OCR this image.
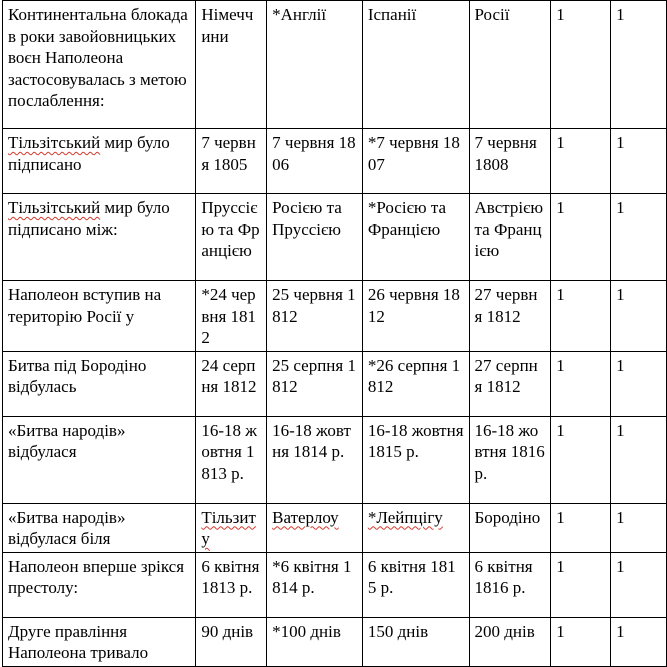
Континентальна блокада в роки завойовницьких воєн Наполеона застосовувалась з метою послаблення:	Німеччини	*Англії	Іспанії	Росії	1	1
Тільзітський мир було підписано	7 червня 1805	7 червня 1806	*7 червня 1807	7 червня 1808	1	1
Тільзітський мир було підписано між:	Пруссією та Францією	Росією та Пруссією	*Росією та Францією	Австрією та Францією	1	1
Наполеон вступив на територію Росії у	*24 червня 1812	25 червня 1812	26 червня 1812	27 червня 1812	1	1
Битва під Бородіно відбулась	24 серпня 1812	25 серпня 1812	*26 серпня 1812	27 серпня 1812	1	1
«Битва народів» відбулася	16-18 жовтня 1813 р.	16-18 жовтня 1814 р.	16-18 жовтня 1815 р.	16-18 жовтня 1816 р.	1	1
«Битва народів» відбулася біля	Тільзиту	Ватерлоу	*Лейпцігу	Бородіно	1	1
Наполеон вперше зрікся престолу:	6 квітня 1813 р.	*6 квітня 1814 р.	6 квітня 1815 р.	6 квітня 1816 р.	1	1
Друге правління Наполеона тривало	90 днів	*100 днів	150 днів	200 днів	1	1
